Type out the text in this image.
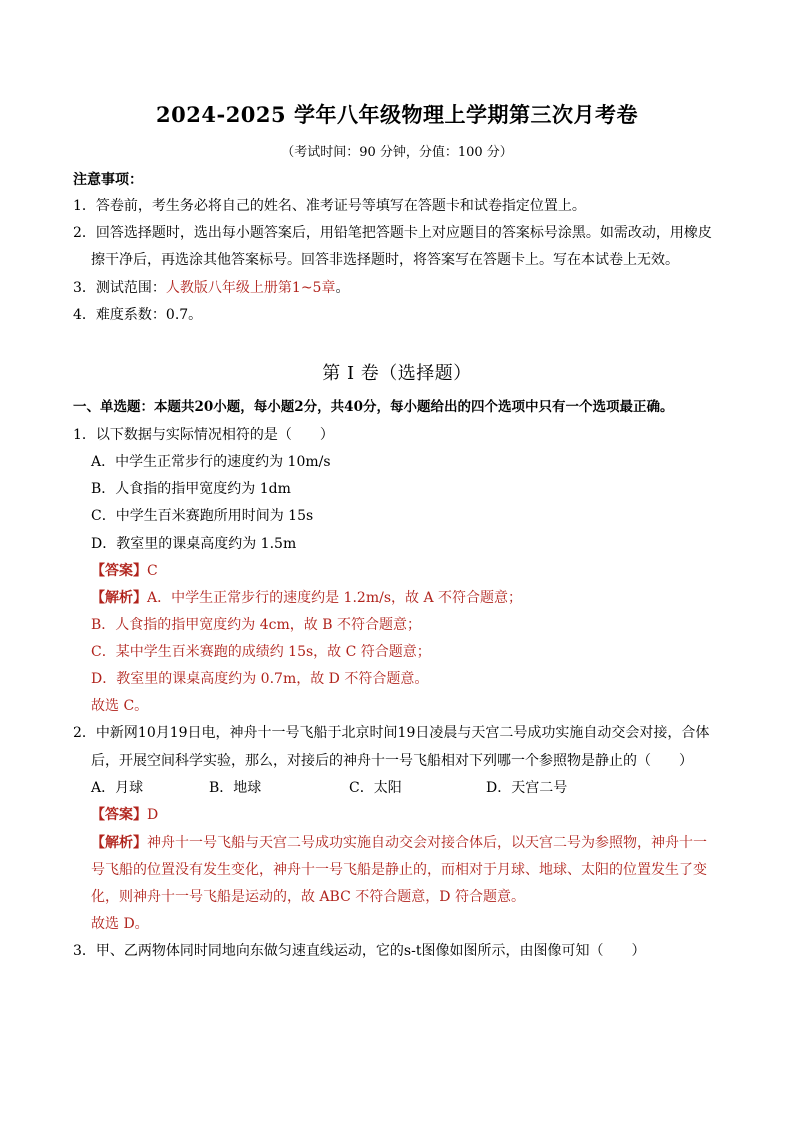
2024-2025 学年八年级物理上学期第三次月考卷
（考试时间：90 分钟，分值：100 分）
注意事项：
1．答卷前，考生务必将自己的姓名、准考证号等填写在答题卡和试卷指定位置上。
2．回答选择题时，选出每小题答案后，用铅笔把答题卡上对应题目的答案标号涂黑。如需改动，用橡皮
擦干净后，再选涂其他答案标号。回答非选择题时，将答案写在答题卡上。写在本试卷上无效。
3．测试范围：人教版八年级上册第1~5章。
4．难度系数：0.7。
第 I 卷（选择题）
一、单选题：本题共20小题，每小题2分，共40分，每小题给出的四个选项中只有一个选项最正确。
1．以下数据与实际情况相符的是（　　）
A．中学生正常步行的速度约为 10m/s
B．人食指的指甲宽度约为 1dm
C．中学生百米赛跑所用时间为 15s
D．教室里的课桌高度约为 1.5m
【答案】C
【解析】A．中学生正常步行的速度约是 1.2m/s，故 A 不符合题意；
B．人食指的指甲宽度约为 4cm，故 B 不符合题意；
C．某中学生百米赛跑的成绩约 15s，故 C 符合题意；
D．教室里的课桌高度约为 0.7m，故 D 不符合题意。
故选 C。
2．中新网10月19日电，神舟十一号飞船于北京时间19日凌晨与天宫二号成功实施自动交会对接，合体
后，开展空间科学实验，那么，对接后的神舟十一号飞船相对下列哪一个参照物是静止的（　　）
A．月球	B．地球	C．太阳	D．天宫二号
【答案】D
【解析】神舟十一号飞船与天宫二号成功实施自动交会对接合体后，以天宫二号为参照物，神舟十一
号飞船的位置没有发生变化，神舟十一号飞船是静止的，而相对于月球、地球、太阳的位置发生了变
化，则神舟十一号飞船是运动的，故 ABC 不符合题意，D 符合题意。
故选 D。
3．甲、乙两物体同时同地向东做匀速直线运动，它的s-t图像如图所示，由图像可知（　　）
